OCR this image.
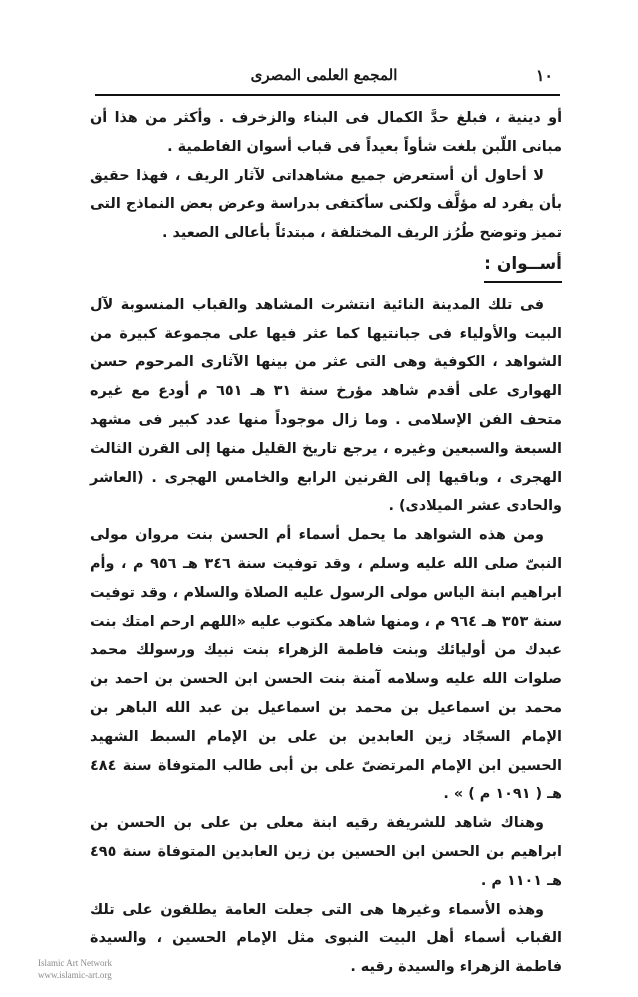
١٠
المجمع العلمى المصرى

أو دينية ، فبلغ حدَّ الكمال فى البناء والزخرف . وأكثر من هذا أن مبانى اللّبن بلغت شأواً بعيداً فى قباب أسوان الفاطمية .

لا أحاول أن أستعرض جميع مشاهداتى لآثار الريف ، فهذا حقيق بأن يفرد له مؤلَّف ولكنى سأكتفى بدراسة وعرض بعض النماذج التى تميز وتوضح طُرُز الريف المختلفة ، مبتدئاً بأعالى الصعيد .

أســوان :

فى تلك المدينة النائية انتشرت المشاهد والقباب المنسوبة لآل البيت والأولياء فى جبانتيها كما عثر فيها على مجموعة كبيرة من الشواهد ، الكوفية وهى التى عثر من بينها الآثارى المرحوم حسن الهوارى على أقدم شاهد مؤرخ سنة ٣١ هـ ٦٥١ م أودع مع غيره متحف الفن الإسلامى . وما زال موجوداً منها عدد كبير فى مشهد السبعة والسبعين وغيره ، يرجع تاريخ القليل منها إلى القرن الثالث الهجرى ، وباقيها إلى القرنين الرابع والخامس الهجرى . (العاشر والحادى عشر الميلادى) .

ومن هذه الشواهد ما يحمل أسماء أم الحسن بنت مروان مولى النبىّ صلى الله عليه وسلم ، وقد توفيت سنة ٣٤٦ هـ ٩٥٦ م ، وأم ابراهيم ابنة الياس مولى الرسول عليه الصلاة والسلام ، وقد توفيت سنة ٣٥٣ هـ ٩٦٤ م ، ومنها شاهد مكتوب عليه «اللهم ارحم امتك بنت عبدك من أوليائك وبنت فاطمة الزهراء بنت نبيك ورسولك محمد صلوات الله عليه وسلامه آمنة بنت الحسن ابن الحسن بن احمد بن محمد بن اسماعيل بن محمد بن اسماعيل بن عبد الله الباهر بن الإمام السجّاد زين العابدين بن على بن الإمام السبط الشهيد الحسين ابن الإمام المرتضىّ على بن أبى طالب المتوفاة سنة ٤٨٤ هـ ( ١٠٩١ م ) » .

وهناك شاهد للشريفة رقيه ابنة معلى بن على بن الحسن بن ابراهيم بن الحسن ابن الحسين بن زين العابدين المتوفاة سنة ٤٩٥ هـ ١١٠١ م .

وهذه الأسماء وغيرها هى التى جعلت العامة يطلقون على تلك القباب أسماء أهل البيت النبوى مثل الإمام الحسين ، والسيدة فاطمة الزهراء والسيدة رقيه .

Islamic Art Network
www.islamic-art.org
